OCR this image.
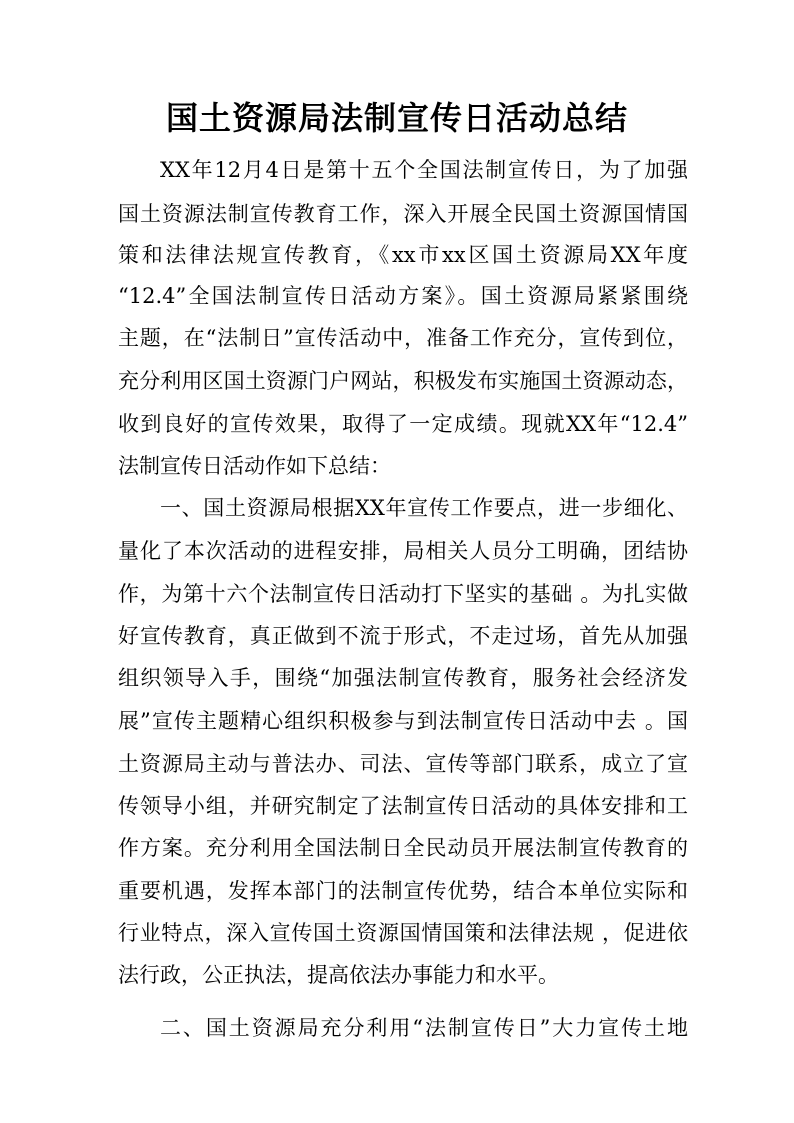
国土资源局法制宣传日活动总结
XX年12月4日是第十五个全国法制宣传日，为了加强
国土资源法制宣传教育工作，深入开展全民国土资源国情国
策和法律法规宣传教育，《xx市xx区国土资源局XX年度
“12.4”全国法制宣传日活动方案》。国土资源局紧紧围绕
主题，在“法制日”宣传活动中，准备工作充分，宣传到位，
充分利用区国土资源门户网站，积极发布实施国土资源动态，
收到良好的宣传效果，取得了一定成绩。现就XX年“12.4”
法制宣传日活动作如下总结：
一、国土资源局根据XX年宣传工作要点，进一步细化、
量化了本次活动的进程安排，局相关人员分工明确，团结协
作，为第十六个法制宣传日活动打下坚实的基础 。为扎实做
好宣传教育，真正做到不流于形式，不走过场，首先从加强
组织领导入手，围绕“加强法制宣传教育，服务社会经济发
展”宣传主题精心组织积极参与到法制宣传日活动中去 。国
土资源局主动与普法办、司法、宣传等部门联系，成立了宣
传领导小组，并研究制定了法制宣传日活动的具体安排和工
作方案。充分利用全国法制日全民动员开展法制宣传教育的
重要机遇，发挥本部门的法制宣传优势，结合本单位实际和
行业特点，深入宣传国土资源国情国策和法律法规 ，促进依
法行政，公正执法，提高依法办事能力和水平。
二、国土资源局充分利用“法制宣传日”大力宣传土地
